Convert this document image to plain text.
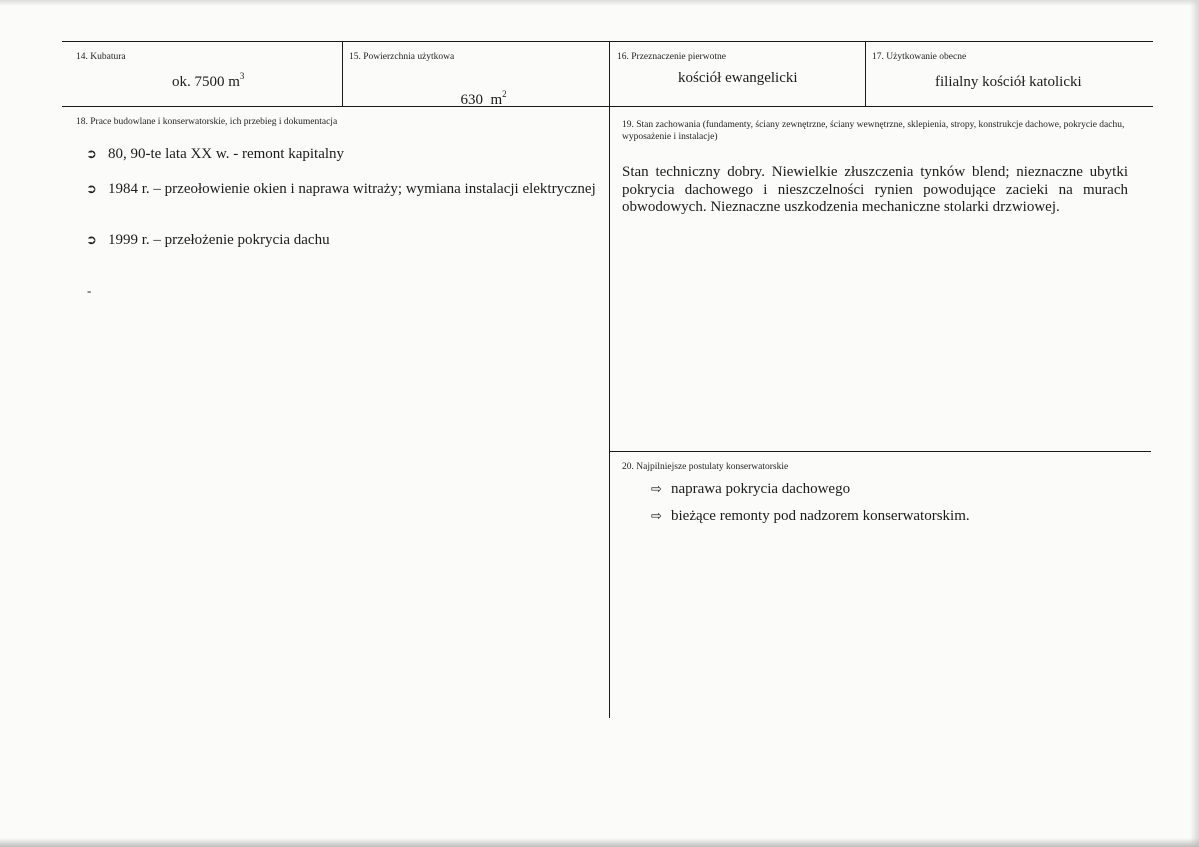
14. Kubatura
ok. 7500 $m^3$
15. Powierzchnia użytkowa

630  $m^2$

16. Przeznaczenie pierwotne
kościół ewangelicki
17. Użytkowanie obecne
filialny kościół katolicki
18. Prace budowlane i konserwatorskie, ich przebieg i dokumentacja
➲ 80, 90-te lata XX w. - remont kapitalny
➲ 1984 r. – przeołowienie okien i naprawa witraży; wymiana instalacji elektrycznej
➲ 1999 r. – przełożenie pokrycia dachu
-
19. Stan zachowania (fundamenty, ściany zewnętrzne, ściany wewnętrzne, sklepienia, stropy, konstrukcje dachowe, pokrycie dachu, wyposażenie i instalacje)
Stan techniczny dobry. Niewielkie złuszczenia tynków blend; nieznaczne ubytki pokrycia dachowego i nieszczelności rynien powodujące zacieki na murach obwodowych. Nieznaczne uszkodzenia mechaniczne stolarki drzwiowej.
20. Najpilniejsze postulaty konserwatorskie
⇨ naprawa pokrycia dachowego
⇨ bieżące remonty pod nadzorem konserwatorskim.
